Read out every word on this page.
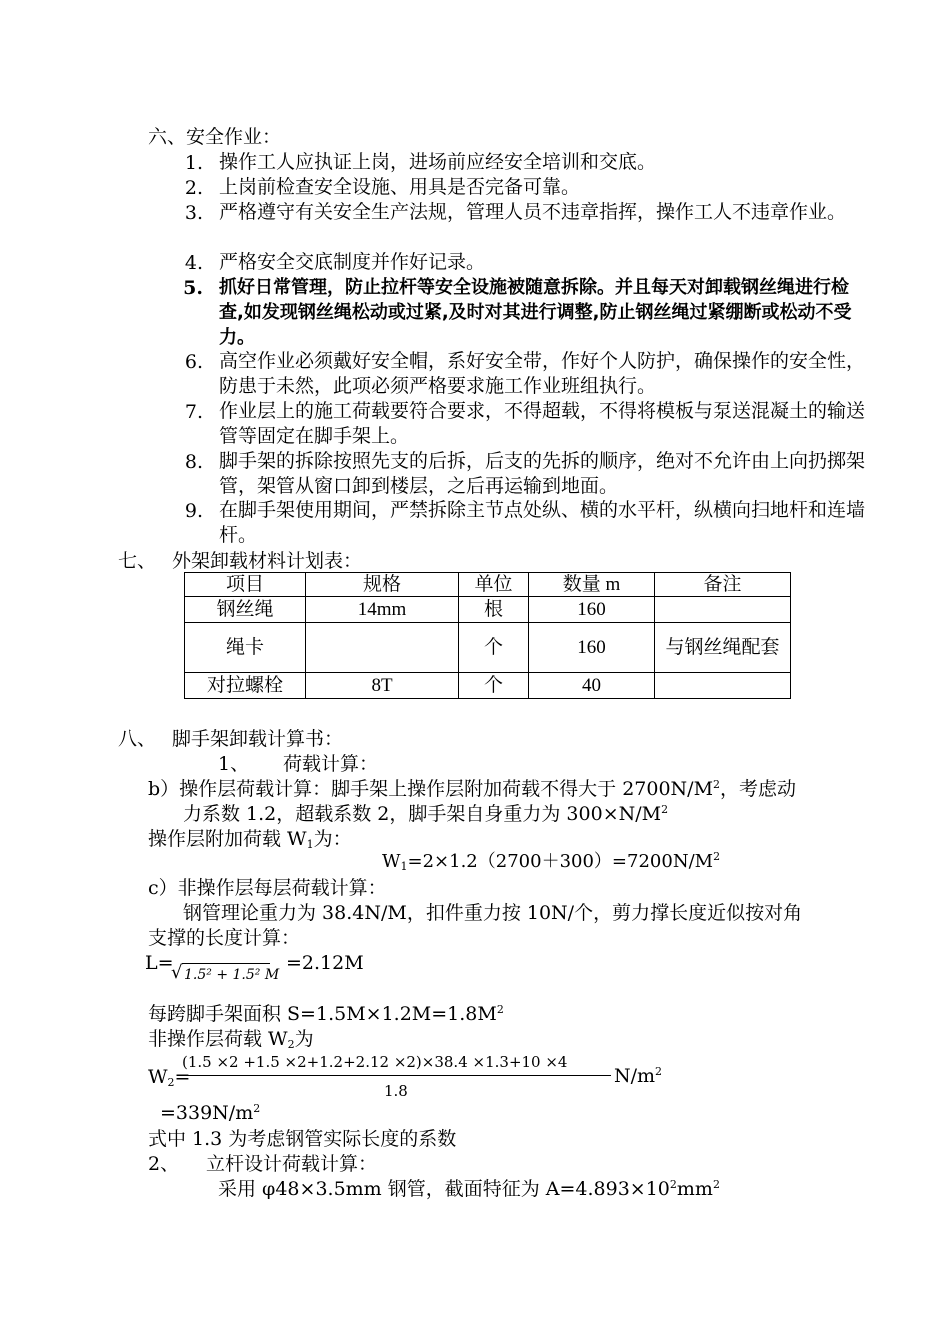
六、安全作业：
1. 操作工人应执证上岗，进场前应经安全培训和交底。
2. 上岗前检查安全设施、用具是否完备可靠。
3. 严格遵守有关安全生产法规，管理人员不违章指挥，操作工人不违章作业。
4. 严格安全交底制度并作好记录。
5. 抓好日常管理，防止拉杆等安全设施被随意拆除。并且每天对卸载钢丝绳进行检查,如发现钢丝绳松动或过紧,及时对其进行调整,防止钢丝绳过紧绷断或松动不受力。
6. 高空作业必须戴好安全帽，系好安全带，作好个人防护，确保操作的安全性，防患于未然，此项必须严格要求施工作业班组执行。
7. 作业层上的施工荷载要符合要求，不得超载，不得将模板与泵送混凝土的输送管等固定在脚手架上。
8. 脚手架的拆除按照先支的后拆，后支的先拆的顺序，绝对不允许由上向扔掷架管，架管从窗口卸到楼层，之后再运输到地面。
9. 在脚手架使用期间，严禁拆除主节点处纵、横的水平杆，纵横向扫地杆和连墙杆。
七、 外架卸载材料计划表：
项目	规格	单位	数量 m	备注
钢丝绳	14mm	根	160	
绳卡		个	160	与钢丝绳配套
对拉螺栓	8T	个	40	
八、 脚手架卸载计算书：
1、 荷载计算：
b）操作层荷载计算：脚手架上操作层附加荷载不得大于 $2700N/M^2$，考虑动
力系数 1.2，超载系数 2，脚手架自身重力为 $300\times N/M^2$
操作层附加荷载 $W_1$为：
$W_1=2\times 1.2(2700+300)=7200N/M^2$
c）非操作层每层荷载计算：
钢管理论重力为 38.4N/M，扣件重力按 10N/个，剪力撑长度近似按对角
支撑的长度计算：
L=
√ 1.5² + 1.5² M
=2.12M
每跨脚手架面积 $S=1.5M\times 1.2M=1.8M^2$
非操作层荷载 $W_2$为
$W_2=$
(1.5 ×2 +1.5 ×2+1.2+2.12 ×2)×38.4 ×1.3+10 ×4
1.8
$N/m^2$
$=339N/m^2$
式中 1.3 为考虑钢管实际长度的系数
2、 立杆设计荷载计算：
采用 φ48×3.5mm 钢管，截面特征为 $A=4.893\times 10^2mm^2$
